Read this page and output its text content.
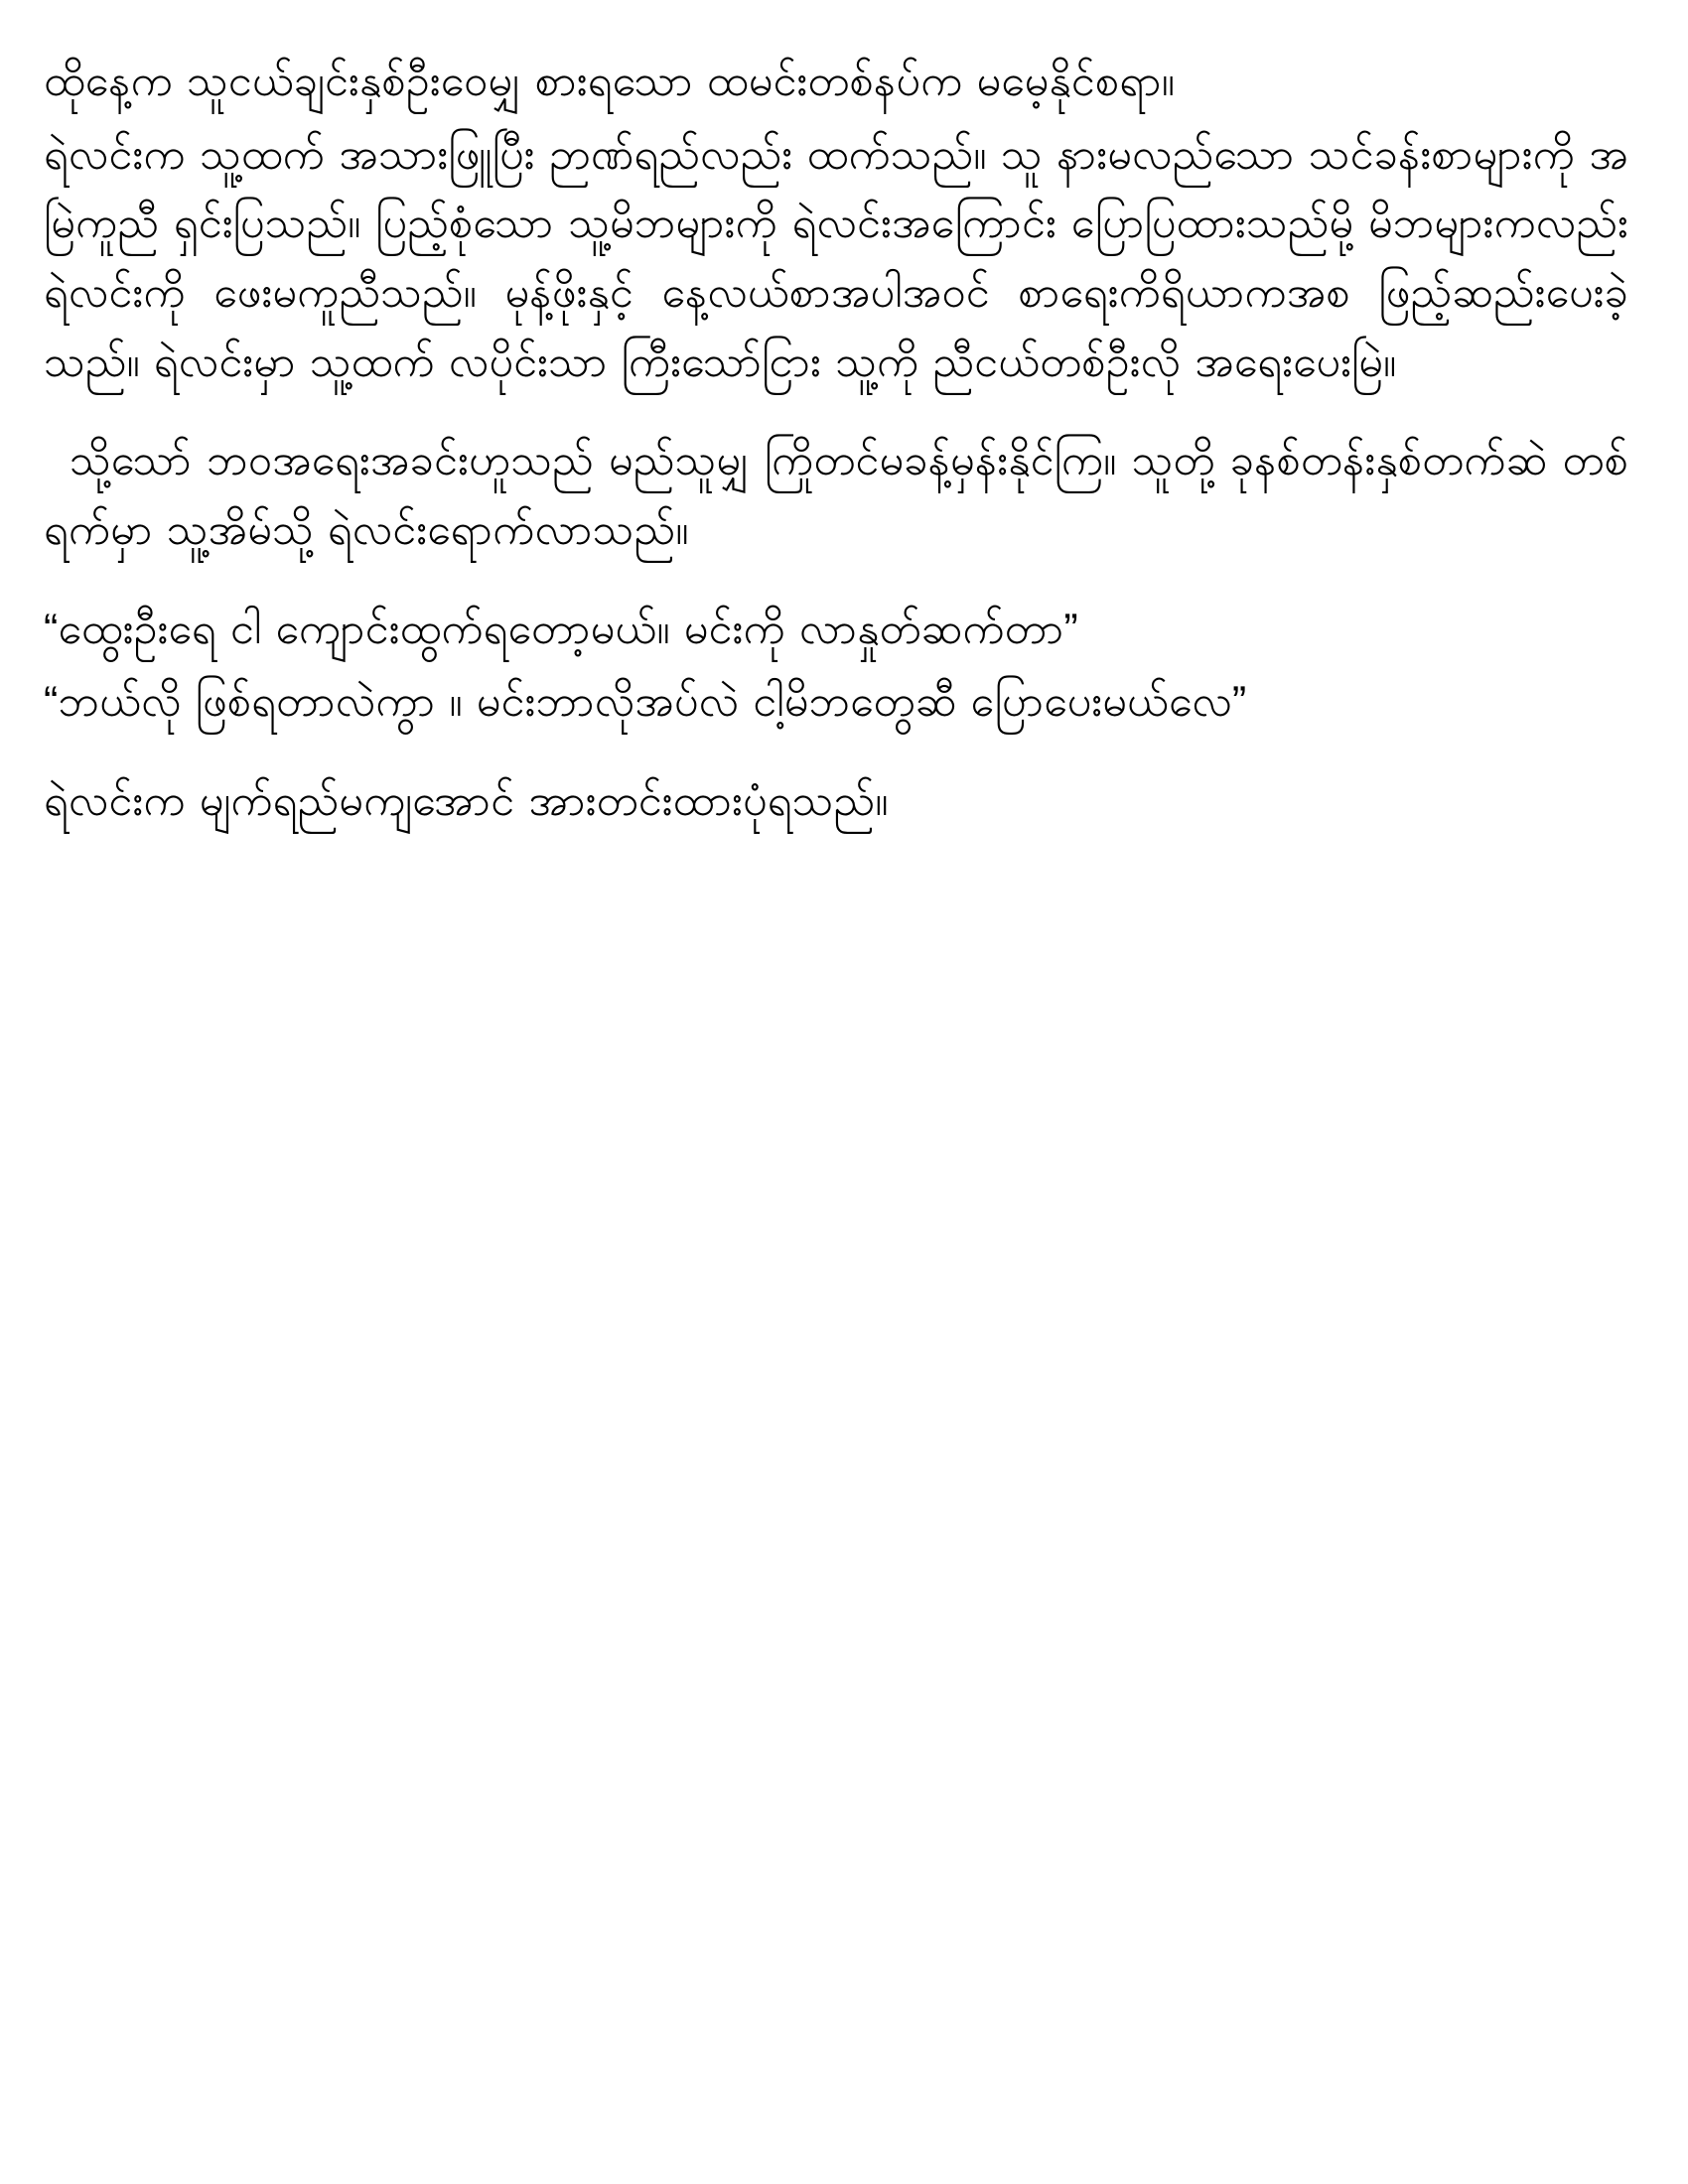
ထိုနေ့က သူငယ်ချင်းနှစ်ဦးဝေမျှ စားရသော ထမင်းတစ်နပ်က မမေ့နိုင်စရာ။

ရဲလင်းက သူ့ထက် အသားဖြူပြီး ဉာဏ်ရည်လည်း ထက်သည်။ သူ နားမလည်သော သင်ခန်းစာများကို အမြဲကူညီ ရှင်းပြသည်။ ပြည့်စုံသော သူ့မိဘများကို ရဲလင်းအကြောင်း ပြောပြထားသည်မို့ မိဘများကလည်း ရဲလင်းကို ဖေးမကူညီသည်။ မုန့်ဖိုးနှင့် နေ့လယ်စာအပါအဝင် စာရေးကိရိယာကအစ ဖြည့်ဆည်းပေးခဲ့သည်။ ရဲလင်းမှာ သူ့ထက် လပိုင်းသာ ကြီးသော်ငြား သူ့ကို ညီငယ်တစ်ဦးလို အရေးပေးမြဲ။

သို့သော် ဘဝအရေးအခင်းဟူသည် မည်သူမျှ ကြိုတင်မခန့်မှန်းနိုင်ကြ။ သူတို့ ခုနစ်တန်းနှစ်တက်ဆဲ တစ်ရက်မှာ သူ့အိမ်သို့ ရဲလင်းရောက်လာသည်။

“ထွေးဦးရေ ငါ ကျောင်းထွက်ရတော့မယ်။ မင်းကို လာနှုတ်ဆက်တာ”

“ဘယ်လို ဖြစ်ရတာလဲကွာ ။ မင်းဘာလိုအပ်လဲ ငါ့မိဘတွေဆီ ပြောပေးမယ်လေ”

ရဲလင်းက မျက်ရည်မကျအောင် အားတင်းထားပုံရသည်။
